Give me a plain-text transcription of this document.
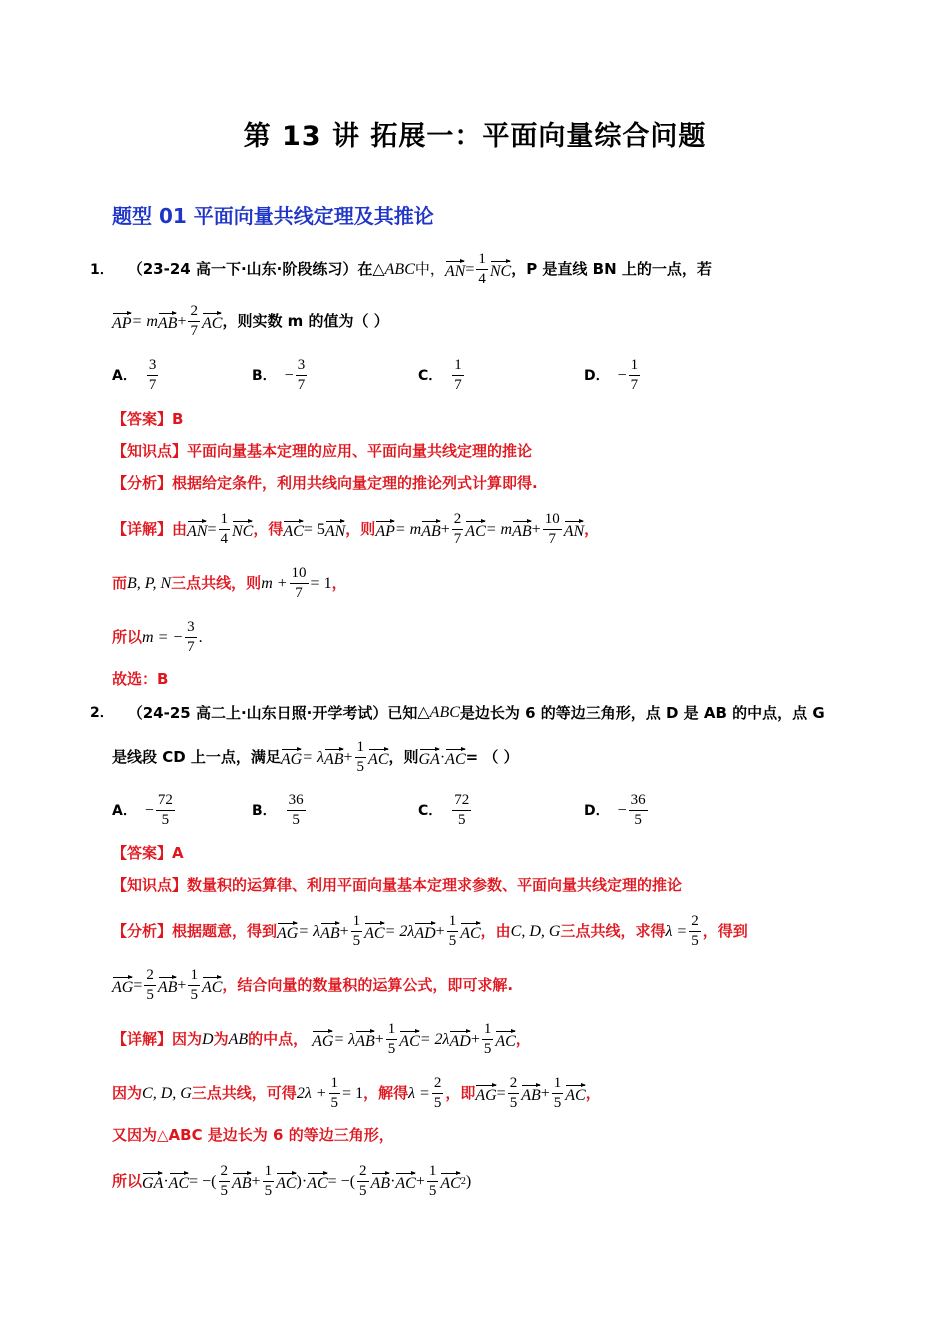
第 13 讲 拓展一：平面向量综合问题
题型 01 平面向量共线定理及其推论
1． （23-24 高一下·山东·阶段练习）在 △ABC 中， AN = $\frac{1}{4}$ NC ，P 是直线 BN 上的一点，若
AP = m AB + $\frac{2}{7}$ AC ，则实数 m 的值为（ ）
A． $\frac{3}{7}$	B． − $\frac{3}{7}$	C． $\frac{1}{7}$	D． − $\frac{1}{7}$
【答案】B
【知识点】平面向量基本定理的应用、平面向量共线定理的推论
【分析】根据给定条件，利用共线向量定理的推论列式计算即得.
【详解】由 AN = $\frac{1}{4}$ NC ，得 AC = 5 AN ，则 AP = m AB + $\frac{2}{7}$ AC = m AB + $\frac{10}{7}$ AN ，
而 B, P, N 三点共线，则 $m + \frac{10}{7} = 1$ ，
所以 m = − $\frac{3}{7}$ .
故选：B
2． （24-25 高二上·山东日照·开学考试）已知 △ABC 是边长为 6 的等边三角形，点 D 是 AB 的中点，点 G
是线段 CD 上一点，满足 AG = λ AB + $\frac{1}{5}$ AC ，则 GA · AC = （ ）
A． − $\frac{72}{5}$	B． $\frac{36}{5}$	C． $\frac{72}{5}$	D． − $\frac{36}{5}$
【答案】A
【知识点】数量积的运算律、利用平面向量基本定理求参数、平面向量共线定理的推论
【分析】根据题意，得到 AG = λ AB + $\frac{1}{5}$ AC = 2λ AD + $\frac{1}{5}$ AC ，由 C, D, G 三点共线，求得 $\lambda = \frac{2}{5}$ ，得到
AG = $\frac{2}{5}$ AB + $\frac{1}{5}$ AC ，结合向量的数量积的运算公式，即可求解.
【详解】因为 D 为 AB 的中点， AG = λ AB + $\frac{1}{5}$ AC = 2λ AD + $\frac{1}{5}$ AC ，
因为 C, D, G 三点共线，可得 $2\lambda + \frac{1}{5} = 1$ ，解得 $\lambda = \frac{2}{5}$ ，即 AG = $\frac{2}{5}$ AB + $\frac{1}{5}$ AC ，
又因为△ABC 是边长为 6 的等边三角形，
所以 GA · AC = −( $\frac{2}{5}$ AB + $\frac{1}{5}$ AC ) · AC = −( $\frac{2}{5}$ AB · AC + $\frac{1}{5}$ AC 2 )
